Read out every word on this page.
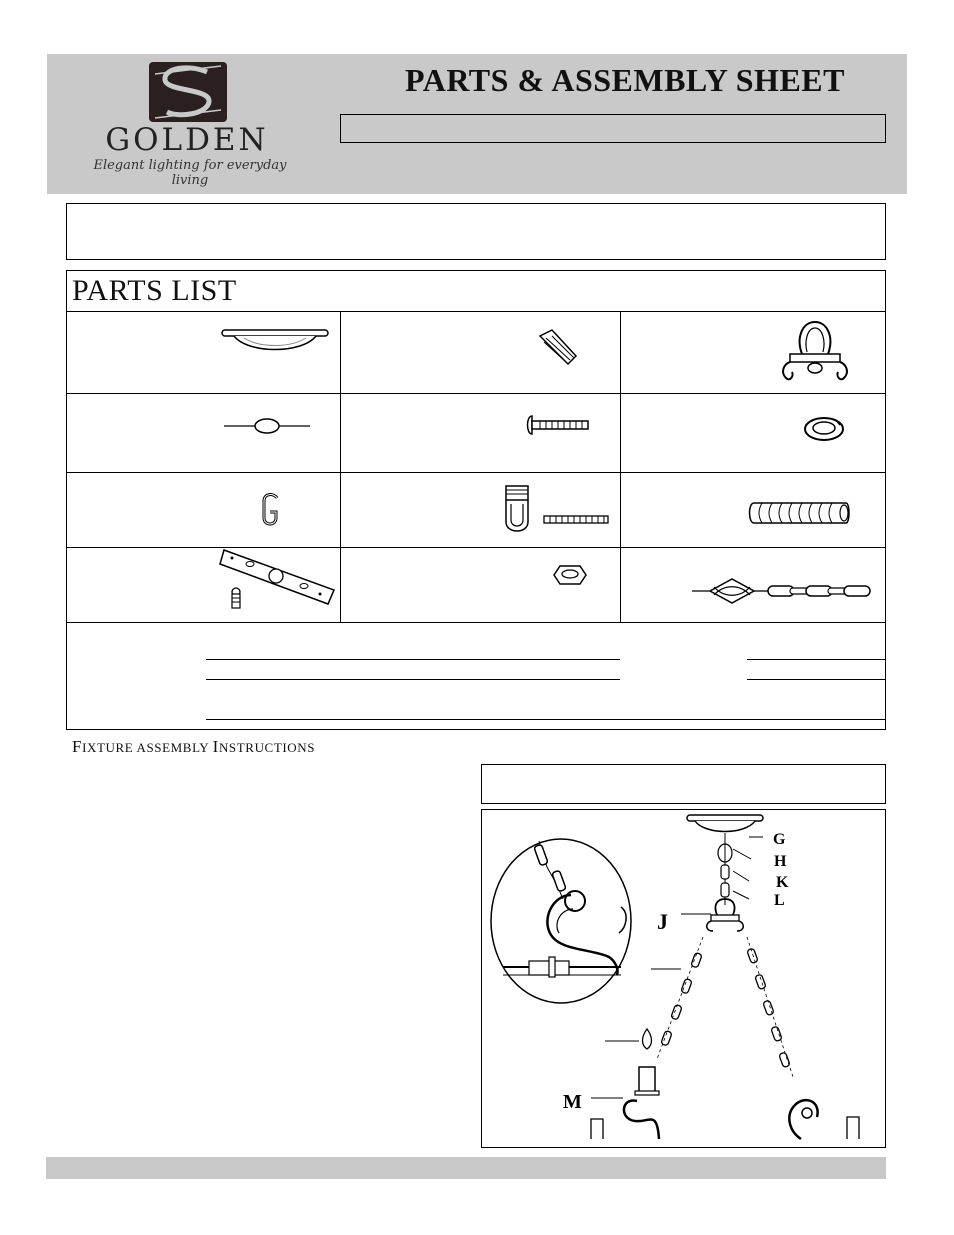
GOLDEN
Elegant lighting for everyday living
PARTS & ASSEMBLY SHEET
PARTS LIST
FIXTURE ASSEMBLY INSTRUCTIONS
G
H
K
L
J
M
